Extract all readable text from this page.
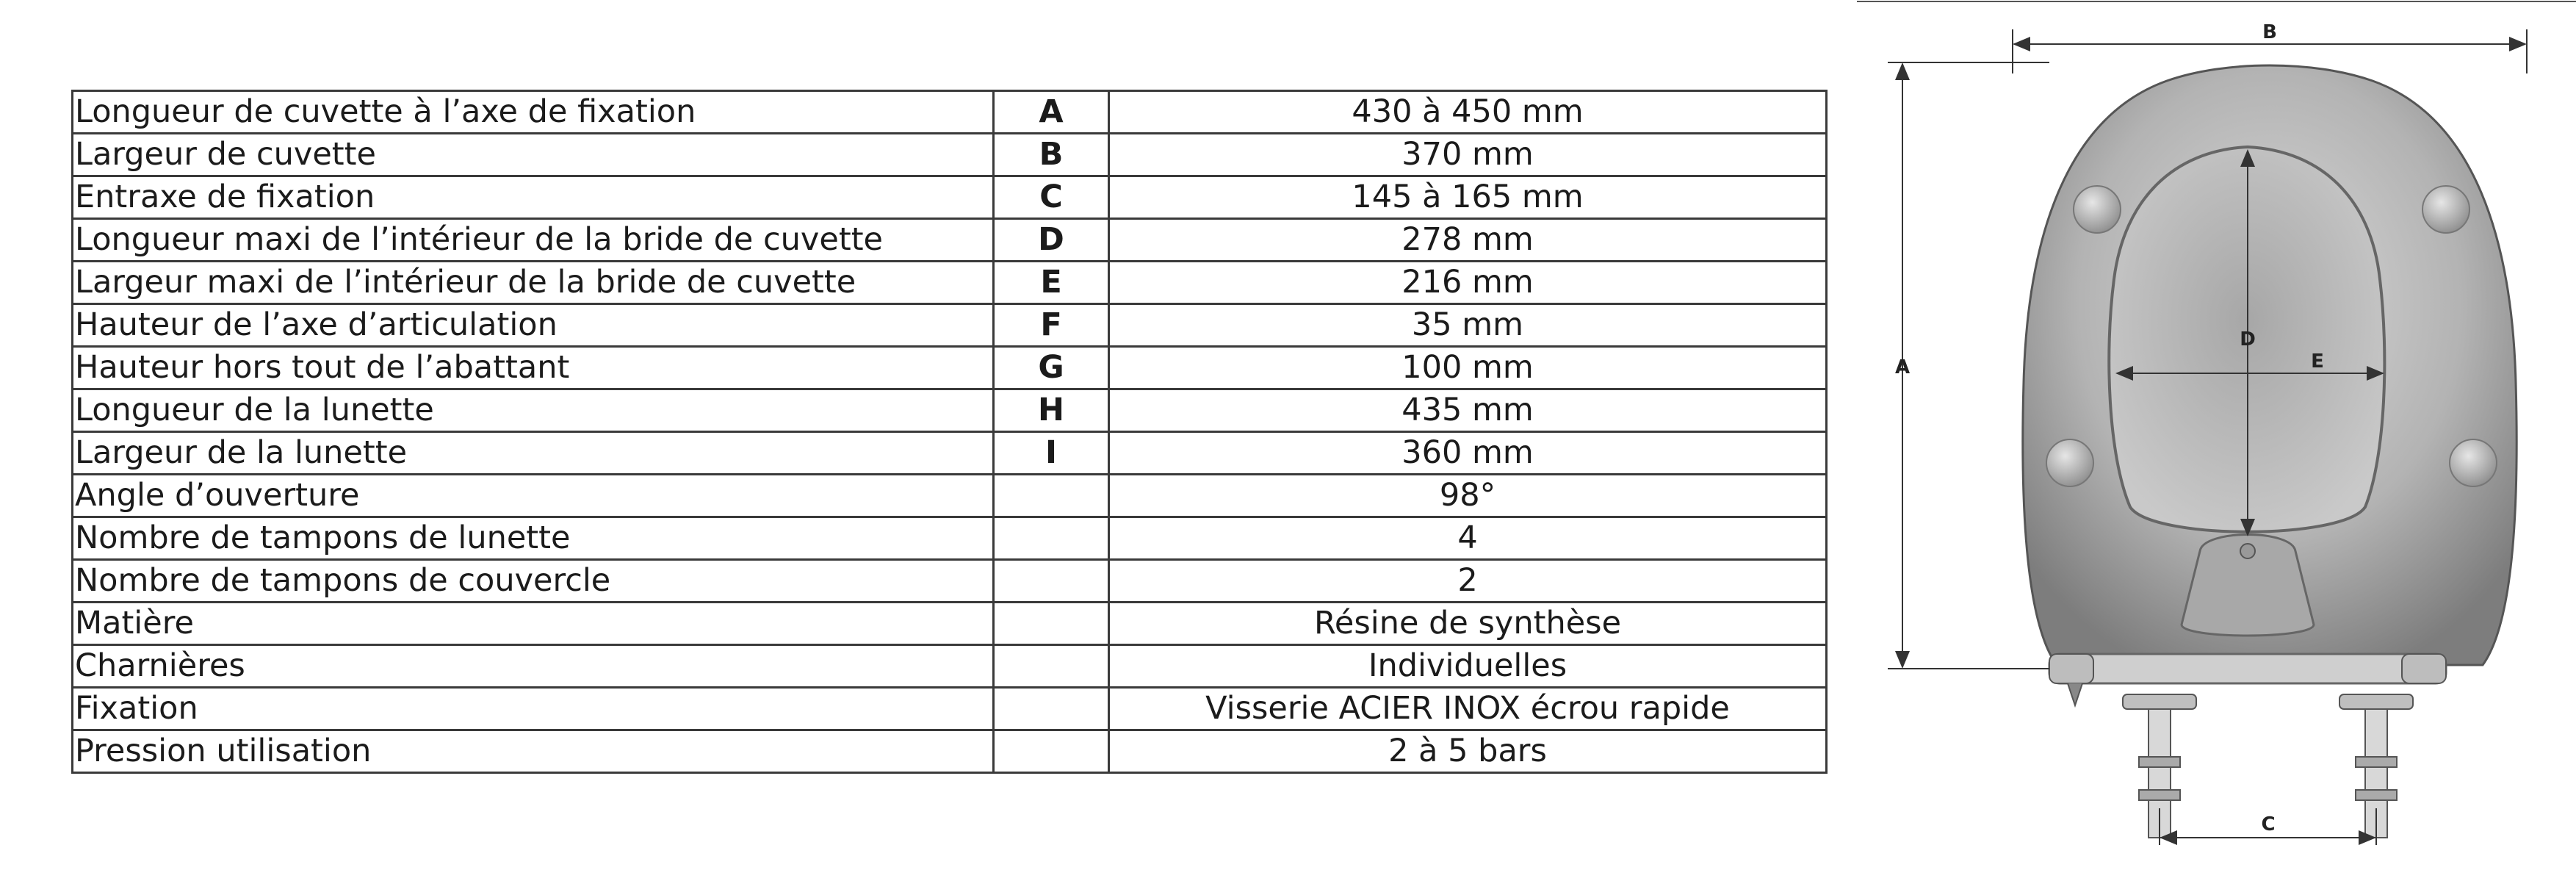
Longueur de cuvette à l’axe de fixation	A	430 à 450 mm
Largeur de cuvette	B	370 mm
Entraxe de fixation	C	145 à 165 mm
Longueur maxi de l’intérieur de la bride de cuvette	D	278 mm
Largeur maxi de l’intérieur de la bride de cuvette	E	216 mm
Hauteur de l’axe d’articulation	F	35 mm
Hauteur hors tout de l’abattant	G	100 mm
Longueur de la lunette	H	435 mm
Largeur de la lunette	I	360 mm
Angle d’ouverture		98°
Nombre de tampons de lunette		4
Nombre de tampons de couvercle		2
Matière		Résine de synthèse
Charnières		Individuelles
Fixation		Visserie ACIER INOX écrou rapide
Pression utilisation		2 à 5 bars
B
A
D
E
C
